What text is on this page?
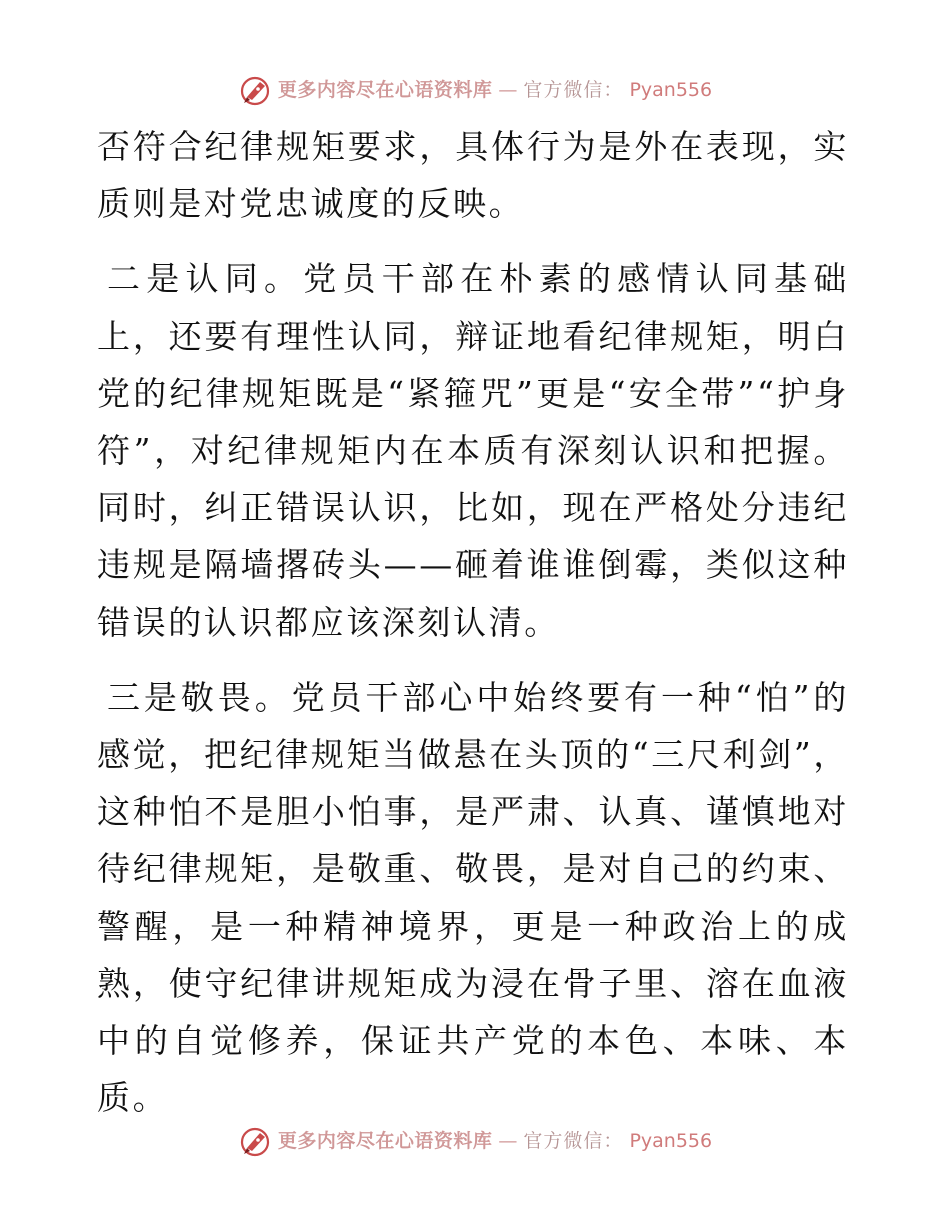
更多内容尽在心语资料库 — 官方微信： Pyan556

否符合纪律规矩要求，具体行为是外在表现，实质则是对党忠诚度的反映。

二是认同。党员干部在朴素的感情认同基础上，还要有理性认同，辩证地看纪律规矩，明白党的纪律规矩既是“紧箍咒”更是“安全带”“护身符”，对纪律规矩内在本质有深刻认识和把握。同时，纠正错误认识，比如，现在严格处分违纪违规是隔墙撂砖头——砸着谁谁倒霉，类似这种错误的认识都应该深刻认清。

三是敬畏。党员干部心中始终要有一种“怕”的感觉，把纪律规矩当做悬在头顶的“三尺利剑”，这种怕不是胆小怕事，是严肃、认真、谨慎地对待纪律规矩，是敬重、敬畏，是对自己的约束、警醒，是一种精神境界，更是一种政治上的成熟，使守纪律讲规矩成为浸在骨子里、溶在血液中的自觉修养，保证共产党的本色、本味、本质。

更多内容尽在心语资料库 — 官方微信： Pyan556
